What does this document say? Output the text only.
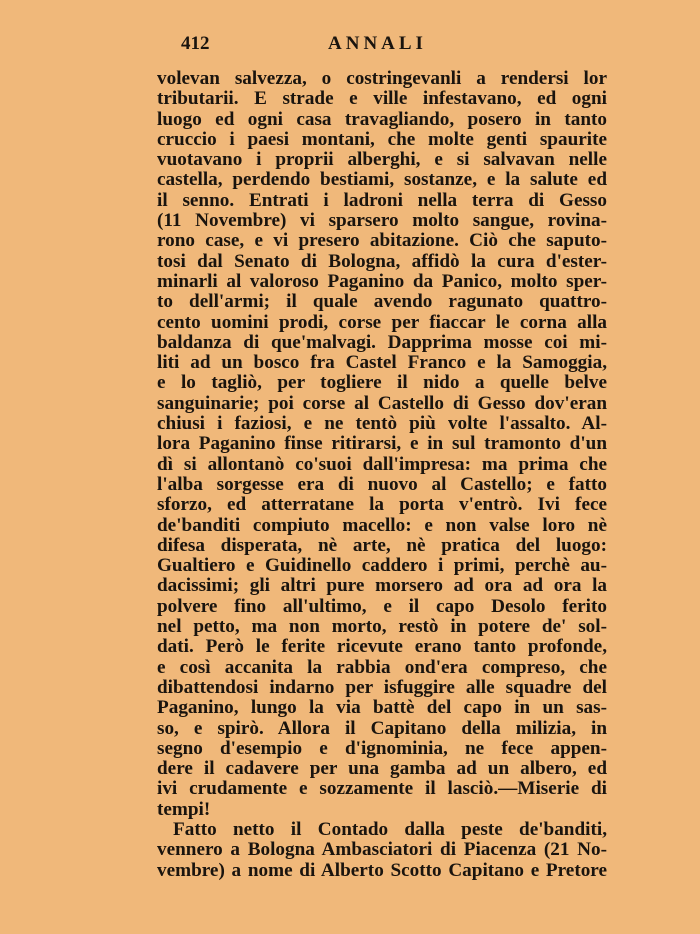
412	ANNALI
volevan salvezza, o costringevanli a rendersi lor
tributarii. E strade e ville infestavano, ed ogni
luogo ed ogni casa travagliando, posero in tanto
cruccio i paesi montani, che molte genti spaurite
vuotavano i proprii alberghi, e si salvavan nelle
castella, perdendo bestiami, sostanze, e la salute ed
il senno. Entrati i ladroni nella terra di Gesso
(11 Novembre) vi sparsero molto sangue, rovina-
rono case, e vi presero abitazione. Ciò che saputo-
tosi dal Senato di Bologna, affidò la cura d'ester-
minarli al valoroso Paganino da Panico, molto sper-
to dell'armi; il quale avendo ragunato quattro-
cento uomini prodi, corse per fiaccar le corna alla
baldanza di que'malvagi. Dapprima mosse coi mi-
liti ad un bosco fra Castel Franco e la Samoggia,
e lo tagliò, per togliere il nido a quelle belve
sanguinarie; poi corse al Castello di Gesso dov'eran
chiusi i faziosi, e ne tentò più volte l'assalto. Al-
lora Paganino finse ritirarsi, e in sul tramonto d'un
dì si allontanò co'suoi dall'impresa: ma prima che
l'alba sorgesse era di nuovo al Castello; e fatto
sforzo, ed atterratane la porta v'entrò. Ivi fece
de'banditi compiuto macello: e non valse loro nè
difesa disperata, nè arte, nè pratica del luogo:
Gualtiero e Guidinello caddero i primi, perchè au-
dacissimi; gli altri pure morsero ad ora ad ora la
polvere fino all'ultimo, e il capo Desolo ferito
nel petto, ma non morto, restò in potere de' sol-
dati. Però le ferite ricevute erano tanto profonde,
e così accanita la rabbia ond'era compreso, che
dibattendosi indarno per isfuggire alle squadre del
Paganino, lungo la via battè del capo in un sas-
so, e spirò. Allora il Capitano della milizia, in
segno d'esempio e d'ignominia, ne fece appen-
dere il cadavere per una gamba ad un albero, ed
ivi crudamente e sozzamente il lasciò.—Miserie di
tempi!
Fatto netto il Contado dalla peste de'banditi,
vennero a Bologna Ambasciatori di Piacenza (21 No-
vembre) a nome di Alberto Scotto Capitano e Pretore
